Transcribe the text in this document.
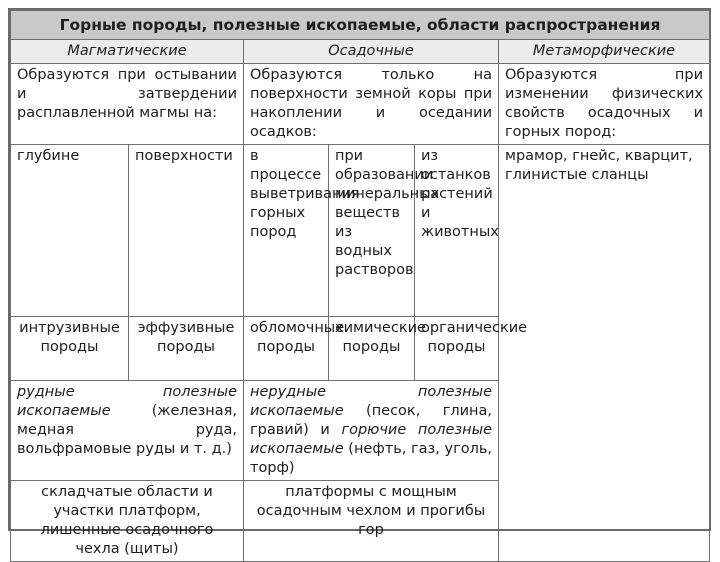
Горные породы, полезные ископаемые, области распространения					
Магматические		Осадочные			Метаморфические
Образуются при остывании и затвердении расплавленной магмы на:		Образуются только на поверхности земной коры при накоплении и оседании осадков:			Образуются при изменении физических свойств осадочных и горных пород:
глубине	поверхности	в процессе выветривания горных пород	при образовании минеральных веществ из водных растворов	из останков растений и животных	мрамор, гнейс, кварцит, глинистые сланцы
интрузивные породы	эффузивные породы	обломочные породы	химические породы	органические породы	
рудные полезные ископаемые (железная, медная руда, вольфрамовые руды и т. д.)		нерудные полезные ископаемые (песок, глина, гравий) и горючие полезные ископаемые (нефть, газ, уголь, торф)			
складчатые области и участки платформ, лишенные осадочного чехла (щиты)		платформы с мощным осадочным чехлом и прогибы гор			
